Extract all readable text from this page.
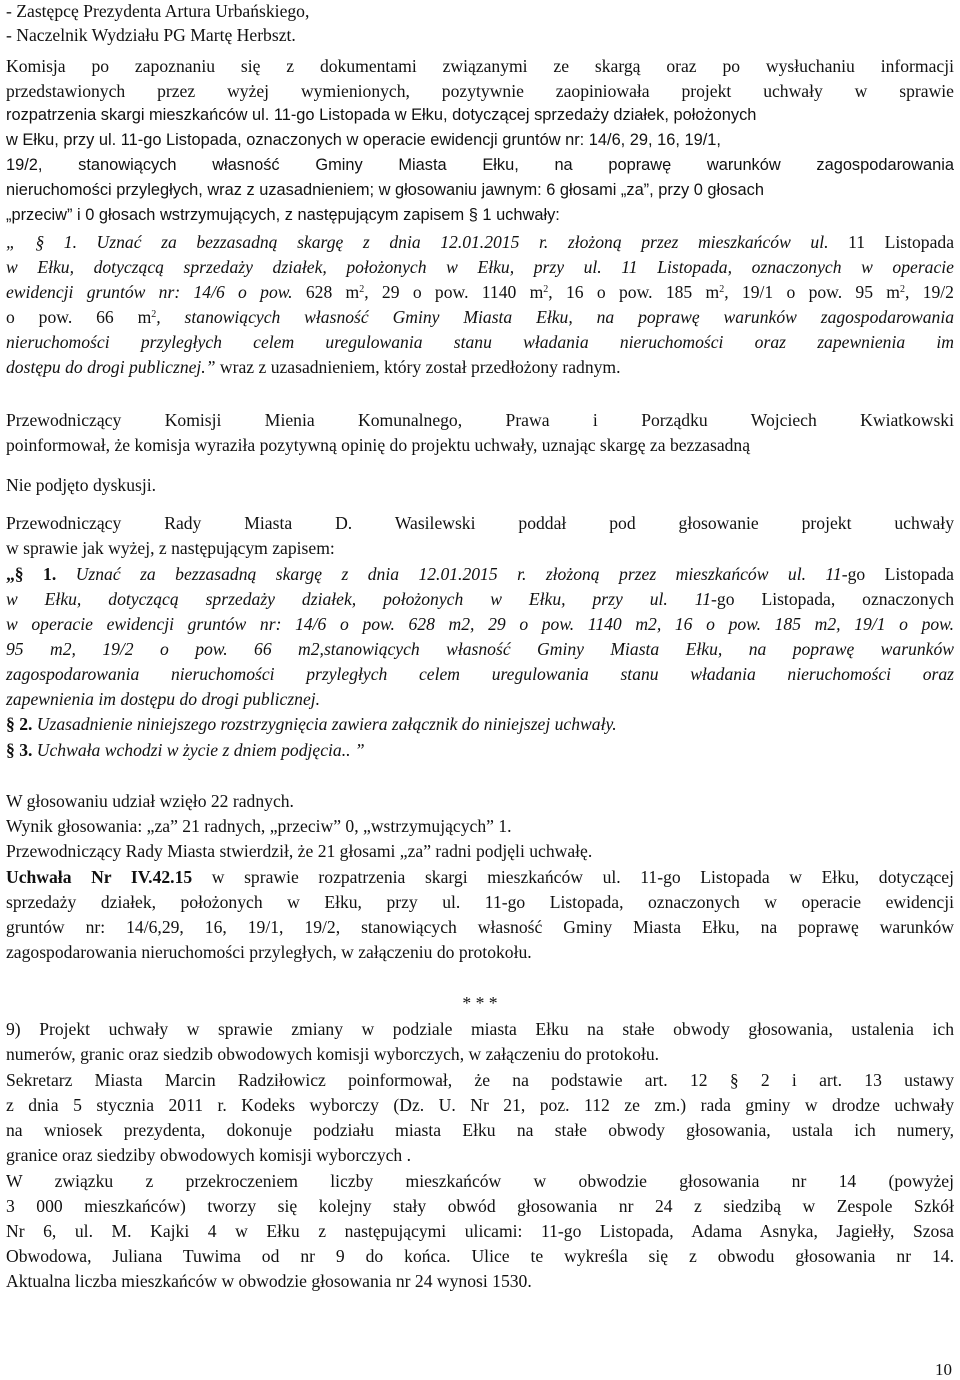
- Zastępcę Prezydenta Artura Urbańskiego,
- Naczelnik Wydziału PG Martę Herbszt.
Komisja po zapoznaniu się z dokumentami związanymi ze skargą oraz po wysłuchaniu informacji
przedstawionych przez wyżej wymienionych, pozytywnie zaopiniowała projekt uchwały w sprawie
rozpatrzenia skargi mieszkańców ul. 11-go Listopada w Ełku, dotyczącej sprzedaży działek, położonych
w Ełku, przy ul. 11-go Listopada, oznaczonych w operacie ewidencji gruntów nr: 14/6, 29, 16, 19/1,
19/2, stanowiących własność Gminy Miasta Ełku, na poprawę warunków zagospodarowania
nieruchomości przyległych, wraz z uzasadnieniem; w głosowaniu jawnym: 6 głosami „za”, przy 0 głosach
„przeciw” i 0 głosach wstrzymujących, z następującym zapisem § 1 uchwały:
„ § 1. Uznać za bezzasadną skargę z dnia 12.01.2015 r. złożoną przez mieszkańców ul. 11 Listopada
w Ełku, dotyczącą sprzedaży działek, położonych w Ełku, przy ul. 11 Listopada, oznaczonych w operacie
ewidencji gruntów nr: 14/6 o pow. 628 $m^2$, 29 o pow. 1140 $m^2$, 16 o pow. 185 $m^2$, 19/1 o pow. 95 $m^2$, 19/2
o pow. 66 $m^2$, stanowiących własność Gminy Miasta Ełku, na poprawę warunków zagospodarowania
nieruchomości przyległych celem uregulowania stanu władania nieruchomości oraz zapewnienia im
dostępu do drogi publicznej.” wraz z uzasadnieniem, który został przedłożony radnym.
Przewodniczący Komisji Mienia Komunalnego, Prawa i Porządku Wojciech Kwiatkowski
poinformował, że komisja wyraziła pozytywną opinię do projektu uchwały, uznając skargę za bezzasadną
Nie podjęto dyskusji.
Przewodniczący Rady Miasta D. Wasilewski poddał pod głosowanie projekt uchwały
w sprawie jak wyżej, z następującym zapisem:
„§ 1. Uznać za bezzasadną skargę z dnia 12.01.2015 r. złożoną przez mieszkańców ul. 11-go Listopada
w Ełku, dotyczącą sprzedaży działek, położonych w Ełku, przy ul. 11-go Listopada, oznaczonych
w operacie ewidencji gruntów nr: 14/6 o pow. 628 m2, 29 o pow. 1140 m2, 16 o pow. 185 m2, 19/1 o pow.
95 m2, 19/2 o pow. 66 m2,stanowiących własność Gminy Miasta Ełku, na poprawę warunków
zagospodarowania nieruchomości przyległych celem uregulowania stanu władania nieruchomości oraz
zapewnienia im dostępu do drogi publicznej.
§ 2. Uzasadnienie niniejszego rozstrzygnięcia zawiera załącznik do niniejszej uchwały.
§ 3. Uchwała wchodzi w życie z dniem podjęcia.. ”
W głosowaniu udział wzięło 22 radnych.
Wynik głosowania: „za” 21 radnych, „przeciw” 0, „wstrzymujących” 1.
Przewodniczący Rady Miasta stwierdził, że 21 głosami „za” radni podjęli uchwałę.
Uchwała Nr IV.42.15 w sprawie rozpatrzenia skargi mieszkańców ul. 11-go Listopada w Ełku, dotyczącej
sprzedaży działek, położonych w Ełku, przy ul. 11-go Listopada, oznaczonych w operacie ewidencji
gruntów nr: 14/6,29, 16, 19/1, 19/2, stanowiących własność Gminy Miasta Ełku, na poprawę warunków
zagospodarowania nieruchomości przyległych, w załączeniu do protokołu.
* * *
9) Projekt uchwały w sprawie zmiany w podziale miasta Ełku na stałe obwody głosowania, ustalenia ich
numerów, granic oraz siedzib obwodowych komisji wyborczych, w załączeniu do protokołu.
Sekretarz Miasta Marcin Radziłowicz poinformował, że na podstawie art. 12 § 2 i art. 13 ustawy
z dnia 5 stycznia 2011 r. Kodeks wyborczy (Dz. U. Nr 21, poz. 112 ze zm.) rada gminy w drodze uchwały
na wniosek prezydenta, dokonuje podziału miasta Ełku na stałe obwody głosowania, ustala ich numery,
granice oraz siedziby obwodowych komisji wyborczych .
W związku z przekroczeniem liczby mieszkańców w obwodzie głosowania nr 14 (powyżej
3 000 mieszkańców) tworzy się kolejny stały obwód głosowania nr 24 z siedzibą w Zespole Szkół
Nr 6, ul. M. Kajki 4 w Ełku z następującymi ulicami: 11-go Listopada, Adama Asnyka, Jagiełły, Szosa
Obwodowa, Juliana Tuwima od nr 9 do końca. Ulice te wykreśla się z obwodu głosowania nr 14.
Aktualna liczba mieszkańców w obwodzie głosowania nr 24 wynosi 1530.
10
